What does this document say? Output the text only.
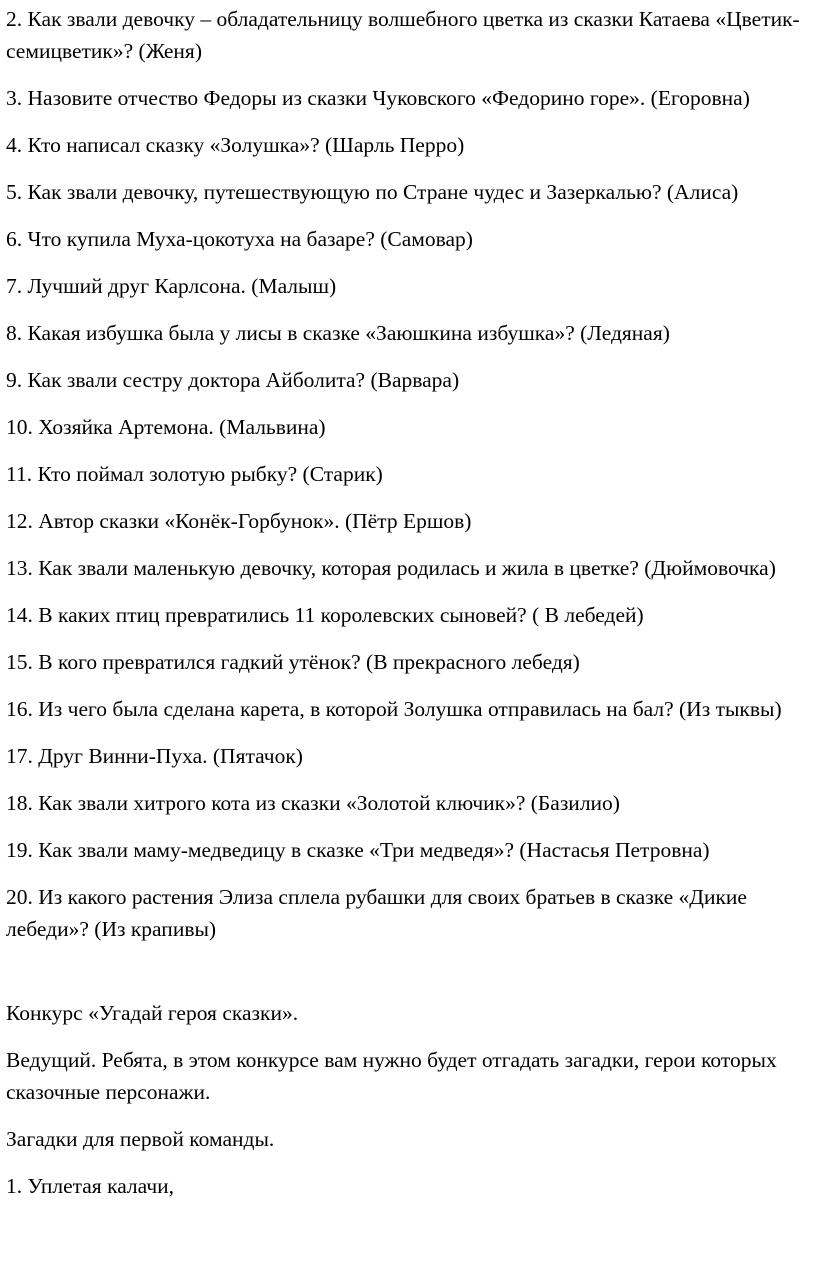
2. Как звали девочку – обладательницу волшебного цветка из сказки Катаева «Цветик-семицветик»? (Женя)

3. Назовите отчество Федоры из сказки Чуковского «Федорино горе». (Егоровна)

4. Кто написал сказку «Золушка»? (Шарль Перро)

5. Как звали девочку, путешествующую по Стране чудес и Зазеркалью? (Алиса)

6. Что купила Муха-цокотуха на базаре? (Самовар)

7. Лучший друг Карлсона. (Малыш)

8. Какая избушка была у лисы в сказке «Заюшкина избушка»? (Ледяная)

9. Как звали сестру доктора Айболита? (Варвара)

10. Хозяйка Артемона. (Мальвина)

11. Кто поймал золотую рыбку? (Старик)

12. Автор сказки «Конёк-Горбунок». (Пётр Ершов)

13. Как звали маленькую девочку, которая родилась и жила в цветке? (Дюймовочка)

14. В каких птиц превратились 11 королевских сыновей? ( В лебедей)

15. В кого превратился гадкий утёнок? (В прекрасного лебедя)

16. Из чего была сделана карета, в которой Золушка отправилась на бал? (Из тыквы)

17. Друг Винни-Пуха. (Пятачок)

18. Как звали хитрого кота из сказки «Золотой ключик»? (Базилио)

19. Как звали маму-медведицу в сказке «Три медведя»? (Настасья Петровна)

20. Из какого растения Элиза сплела рубашки для своих братьев в сказке «Дикие лебеди»? (Из крапивы)

Конкурс «Угадай героя сказки».

Ведущий. Ребята, в этом конкурсе вам нужно будет отгадать загадки, герои которых сказочные персонажи.

Загадки для первой команды.

1. Уплетая калачи,
